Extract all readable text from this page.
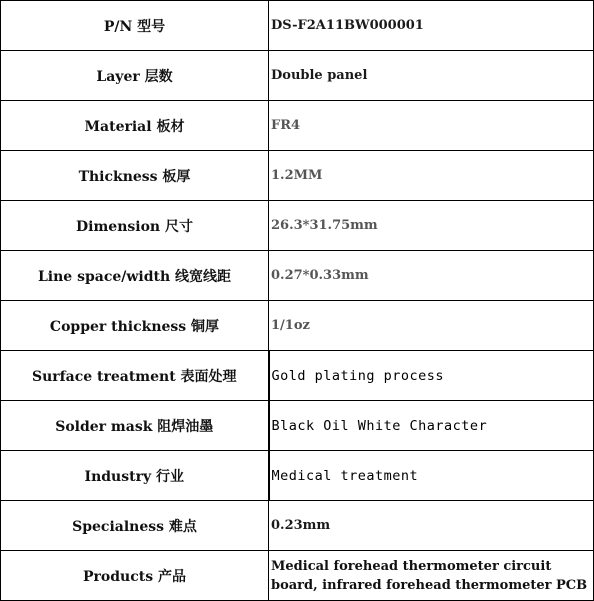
P/N 型号	DS-F2A11BW000001
Layer 层数	Double panel
Material 板材	FR4
Thickness 板厚	1.2MM
Dimension 尺寸	26.3*31.75mm
Line space/width 线宽线距	0.27*0.33mm
Copper thickness 铜厚	1/1oz
Surface treatment 表面处理	Gold plating process
Solder mask 阻焊油墨	Black Oil White Character
Industry 行业	Medical treatment
Specialness 难点	0.23mm
Products 产品	Medical forehead thermometer circuit board, infrared forehead thermometer PCB
